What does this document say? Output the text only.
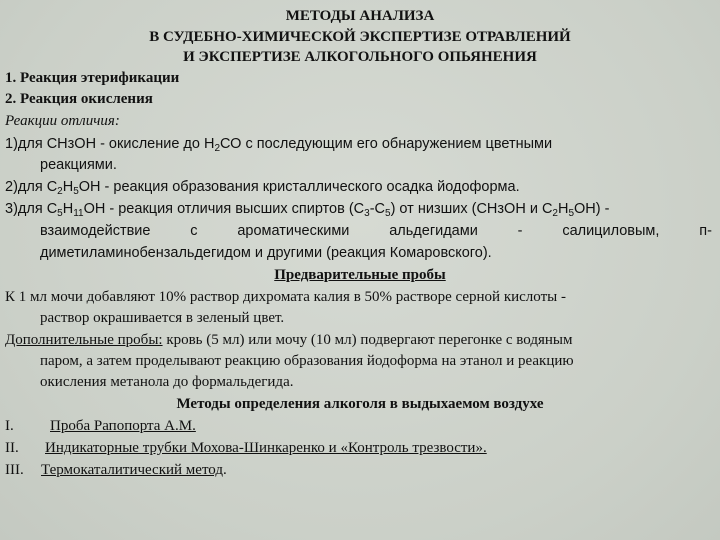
МЕТОДЫ АНАЛИЗА
В СУДЕБНО-ХИМИЧЕСКОЙ ЭКСПЕРТИЗЕ ОТРАВЛЕНИЙ
И ЭКСПЕРТИЗЕ АЛКОГОЛЬНОГО ОПЬЯНЕНИЯ
1. Реакция этерификации
2. Реакция окисления
Реакции отличия:
1)для СНзОН - окисление до $Н_2СО$ с последующим его обнаружением цветными
реакциями.
2)для $С_2Н_5ОН$ - реакция образования кристаллического осадка йодоформа.
3)для $С_5Н_{11}ОН$ - реакция отличия высших спиртов $(С_3-С_5)$ от низших (СНзОН и $С_2Н_5ОН$) -
взаимодействие	с	ароматическими	альдегидами	-	салициловым,	п-
диметиламинобензальдегидом и другими (реакция Комаровского).
Предварительные пробы
К 1 мл мочи добавляют 10% раствор дихромата калия в 50% растворе серной кислоты -
раствор окрашивается в зеленый цвет.
Дополнительные пробы: кровь (5 мл) или мочу (10 мл) подвергают перегонке с водяным
паром, а затем проделывают реакцию образования йодоформа на этанол и реакцию
окисления метанола до формальдегида.
Методы определения алкоголя в выдыхаемом воздухе
I. Проба Рапопорта А.М.
II. Индикаторные трубки Мохова-Шинкаренко и «Контроль трезвости».
III. Термокаталитический метод.
